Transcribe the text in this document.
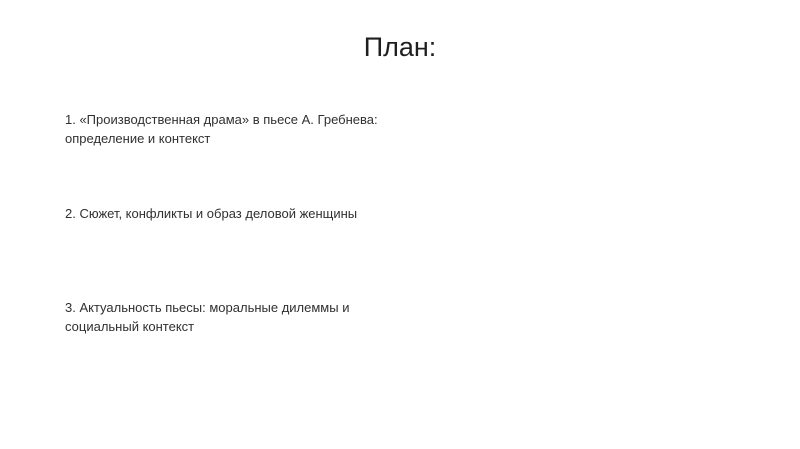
План:
1. «Производственная драма» в пьесе А. Гребнева:
определение и контекст
2. Сюжет, конфликты и образ деловой женщины
3. Актуальность пьесы: моральные дилеммы и
социальный контекст
